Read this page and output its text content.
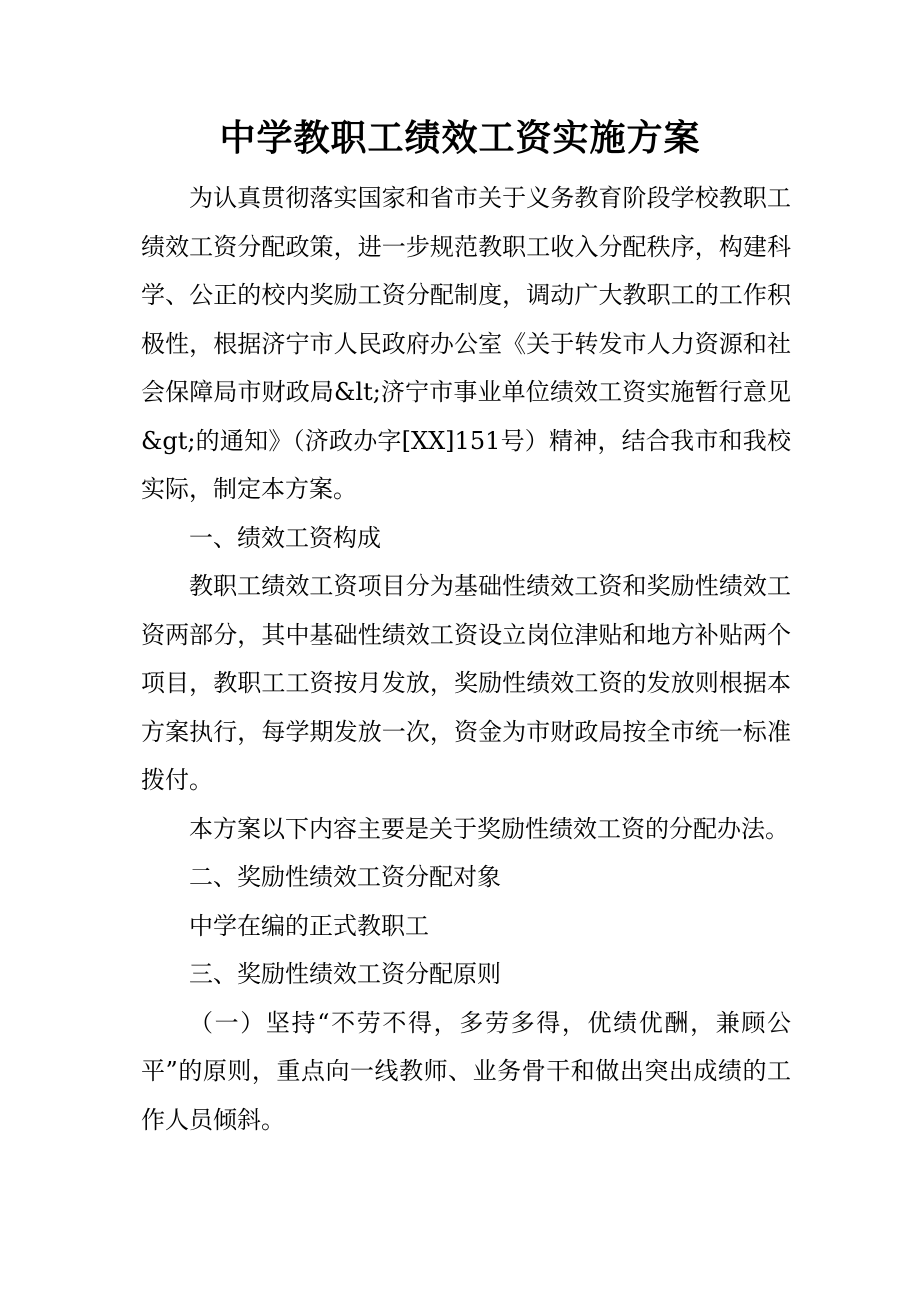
中学教职工绩效工资实施方案

为认真贯彻落实国家和省市关于义务教育阶段学校教职工绩效工资分配政策，进一步规范教职工收入分配秩序，构建科学、公正的校内奖励工资分配制度，调动广大教职工的工作积极性，根据济宁市人民政府办公室《关于转发市人力资源和社会保障局市财政局&lt;济宁市事业单位绩效工资实施暂行意见&gt;的通知》（济政办字[XX]151号）精神，结合我市和我校实际，制定本方案。

一、绩效工资构成

教职工绩效工资项目分为基础性绩效工资和奖励性绩效工资两部分，其中基础性绩效工资设立岗位津贴和地方补贴两个项目，教职工工资按月发放，奖励性绩效工资的发放则根据本方案执行，每学期发放一次，资金为市财政局按全市统一标准拨付。

本方案以下内容主要是关于奖励性绩效工资的分配办法。

二、奖励性绩效工资分配对象

中学在编的正式教职工

三、奖励性绩效工资分配原则

（一）坚持“不劳不得，多劳多得，优绩优酬，兼顾公平”的原则，重点向一线教师、业务骨干和做出突出成绩的工作人员倾斜。
